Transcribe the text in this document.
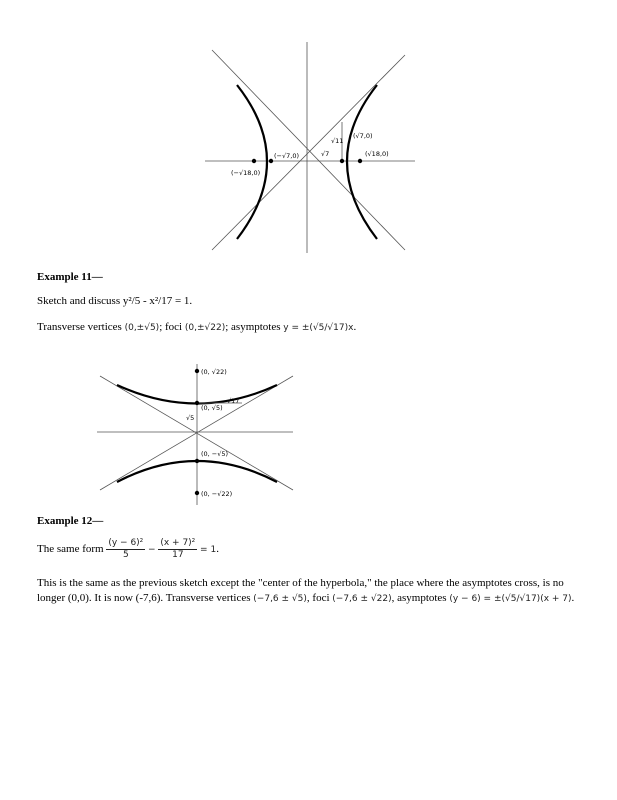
(−√7,0)
(−√18,0)
√11
(√7,0)
√7	(√18,0)
Example 11—
Sketch and discuss y²/5 - x²/17 = 1.
Transverse vertices (0,±√5); foci (0,±√22); asymptotes y = ±(√5/√17)x.
(0, √22)
(0, √5)
√17
√5
(0, −√5)
(0, −√22)
Example 12—
The same form $\frac{\text{(y − 6)²}}{5} - \frac{\text{(x + 7)²}}{17} = 1$.
This is the same as the previous sketch except the "center of the hyperbola," the place where the asymptotes cross, is no longer (0,0). It is now (-7,6). Transverse vertices (−7,6 ± √5), foci (−7,6 ± √22), asymptotes (y − 6) = ±(√5/√17)(x + 7).
